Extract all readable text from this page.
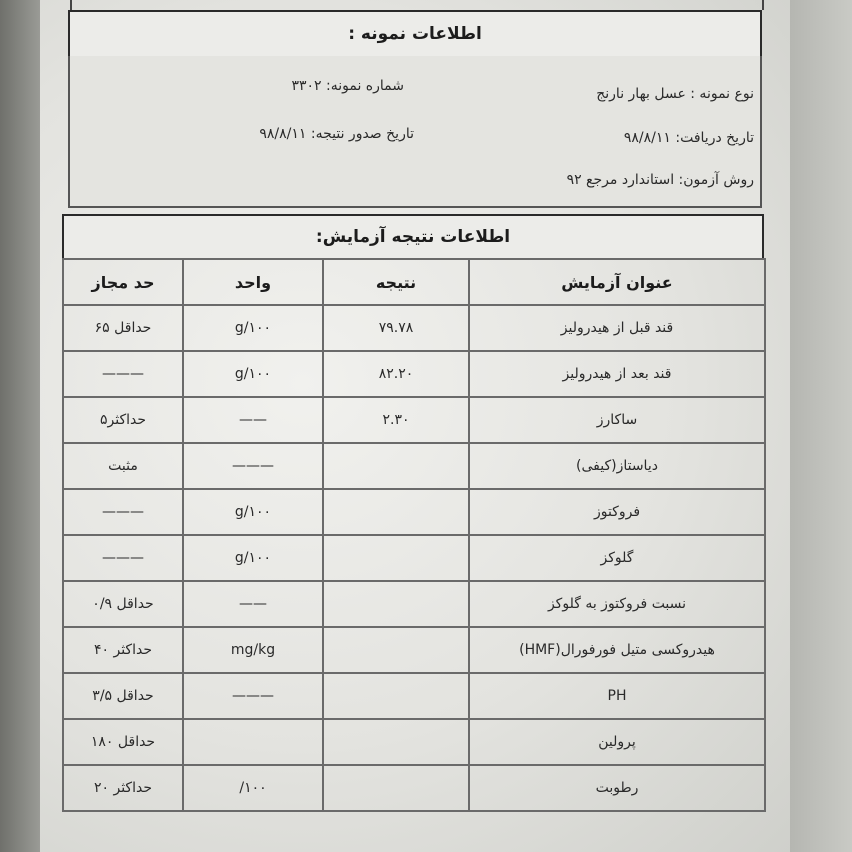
اطلاعات نمونه :
نوع نمونه : عسل بهار نارنج
شماره نمونه: ۳۳۰۲
تاریخ دریافت: ۹۸/۸/۱۱
تاریخ صدور نتیجه: ۹۸/۸/۱۱
روش آزمون: استاندارد مرجع ۹۲
اطلاعات نتیجه آزمایش:
حد مجاز	واحد	نتیجه	عنوان آزمایش
حداقل ۶۵	g/۱۰۰	۷۹.۷۸	قند قبل از هیدرولیز
———	g/۱۰۰	۸۲.۲۰	قند بعد از هیدرولیز
حداکثر۵	——	۲.۳۰	ساکارز
مثبت	———		دیاستاز(کیفی)
———	g/۱۰۰		فروکتوز
———	g/۱۰۰		گلوکز
حداقل ۰/۹	——		نسبت فروکتوز به گلوکز
حداکثر ۴۰	mg/kg		هیدروکسی متیل فورفورال(HMF)
حداقل ۳/۵	———		PH
حداقل ۱۸۰			پرولین
حداکثر ۲۰	/۱۰۰		رطوبت
